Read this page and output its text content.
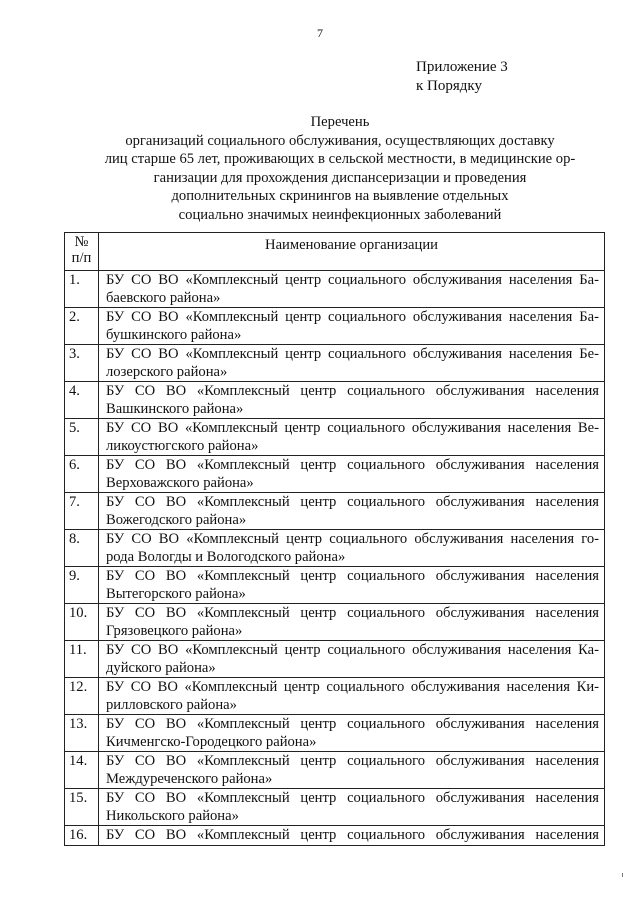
7
Приложение 3
к Порядку
Перечень
организаций социального обслуживания, осуществляющих доставку
лиц старше 65 лет, проживающих в сельской местности, в медицинские ор-
ганизации для прохождения диспансеризации и проведения
дополнительных скринингов на выявление отдельных
социально значимых неинфекционных заболеваний
№
п/п	Наименование организации
1.	БУ СО ВО «Комплексный центр социального обслуживания населения Ба-
баевского района»

2.	БУ СО ВО «Комплексный центр социального обслуживания населения Ба-
бушкинского района»

3.	БУ СО ВО «Комплексный центр социального обслуживания населения Бе-
лозерского района»

4.	БУ СО ВО «Комплексный центр социального обслуживания населения
Вашкинского района»

5.	БУ СО ВО «Комплексный центр социального обслуживания населения Ве-
ликоустюгского района»

6.	БУ СО ВО «Комплексный центр социального обслуживания населения
Верховажского района»

7.	БУ СО ВО «Комплексный центр социального обслуживания населения
Вожегодского района»

8.	БУ СО ВО «Комплексный центр социального обслуживания населения го-
рода Вологды и Вологодского района»

9.	БУ СО ВО «Комплексный центр социального обслуживания населения
Вытегорского района»

10.	БУ СО ВО «Комплексный центр социального обслуживания населения
Грязовецкого района»

11.	БУ СО ВО «Комплексный центр социального обслуживания населения Ка-
дуйского района»

12.	БУ СО ВО «Комплексный центр социального обслуживания населения Ки-
рилловского района»

13.	БУ СО ВО «Комплексный центр социального обслуживания населения
Кичменгско-Городецкого района»

14.	БУ СО ВО «Комплексный центр социального обслуживания населения
Междуреченского района»

15.	БУ СО ВО «Комплексный центр социального обслуживания населения
Никольского района»

16.	БУ СО ВО «Комплексный центр социального обслуживания населения
